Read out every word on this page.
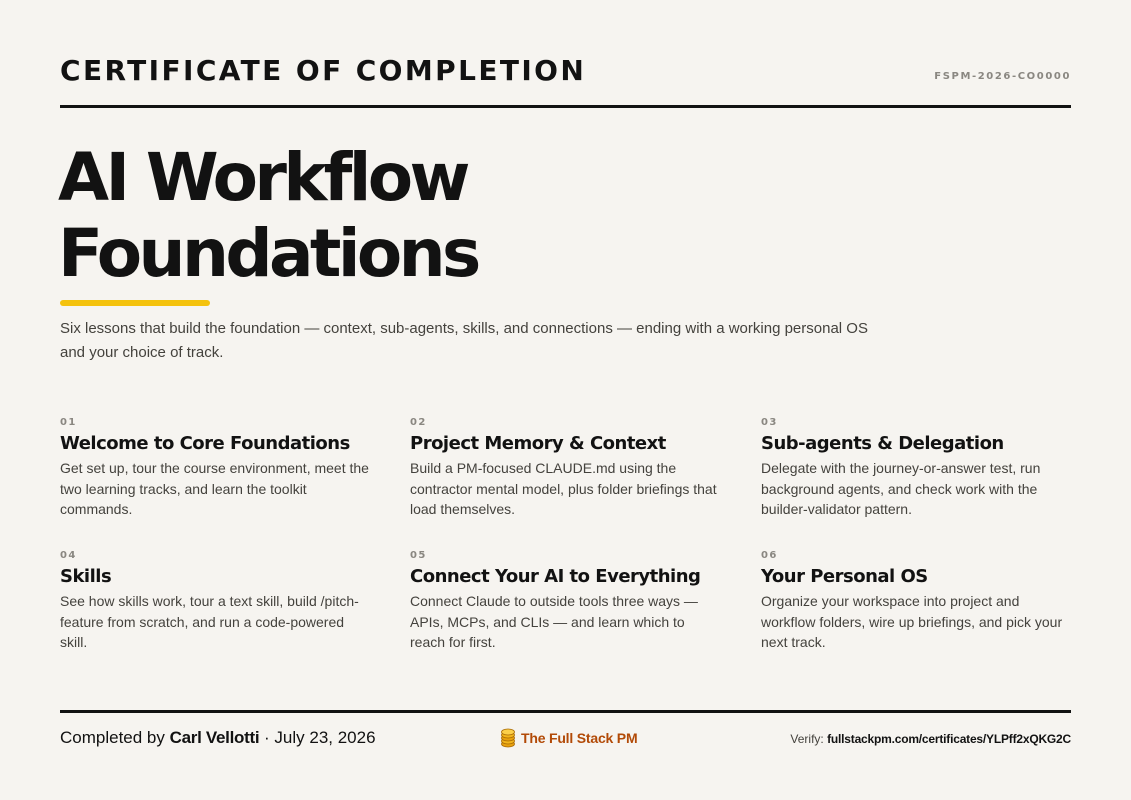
CERTIFICATE OF COMPLETION	FSPM-2026-CO0000
AI Workflow
Foundations

Six lessons that build the foundation — context, sub-agents, skills, and connections — ending with a working personal OS and your choice of track.

01
Welcome to Core Foundations
Get set up, tour the course environment, meet the two learning tracks, and learn the toolkit commands.
02
Project Memory & Context
Build a PM-focused CLAUDE.md using the contractor mental model, plus folder briefings that load themselves.
03
Sub-agents & Delegation
Delegate with the journey-or-answer test, run background agents, and check work with the builder-validator pattern.
04
Skills
See how skills work, tour a text skill, build /pitch-feature from scratch, and run a code-powered skill.
05
Connect Your AI to Everything
Connect Claude to outside tools three ways — APIs, MCPs, and CLIs — and learn which to reach for first.
06
Your Personal OS
Organize your workspace into project and workflow folders, wire up briefings, and pick your next track.
Completed by Carl Vellotti · July 23, 2026	The Full Stack PM	Verify: fullstackpm.com/certificates/YLPff2xQKG2C
